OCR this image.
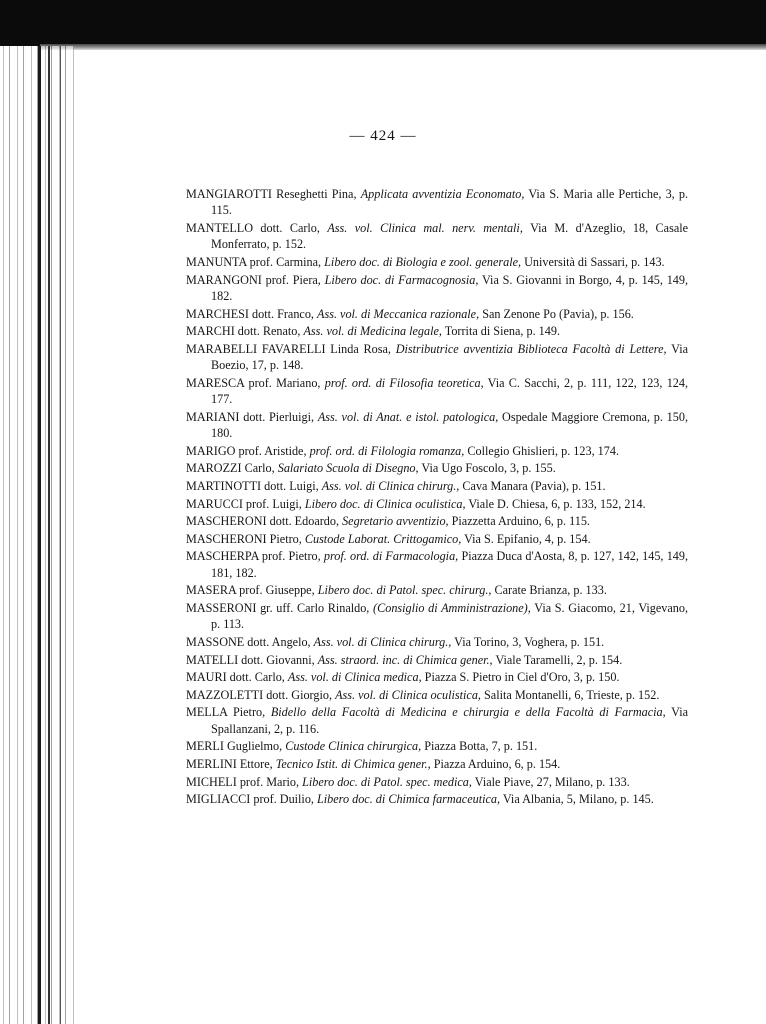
— 424 —
MANGIAROTTI Reseghetti Pina, Applicata avventizia Economato, Via S. Maria alle Pertiche, 3, p. 115.
MANTELLO dott. Carlo, Ass. vol. Clinica mal. nerv. mentali, Via M. d'Azeglio, 18, Casale Monferrato, p. 152.
MANUNTA prof. Carmina, Libero doc. di Biologia e zool. generale, Università di Sassari, p. 143.
MARANGONI prof. Piera, Libero doc. di Farmacognosia, Via S. Giovanni in Borgo, 4, p. 145, 149, 182.
MARCHESI dott. Franco, Ass. vol. di Meccanica razionale, San Zenone Po (Pavia), p. 156.
MARCHI dott. Renato, Ass. vol. di Medicina legale, Torrita di Siena, p. 149.
MARABELLI FAVARELLI Linda Rosa, Distributrice avventizia Biblioteca Facoltà di Lettere, Via Boezio, 17, p. 148.
MARESCA prof. Mariano, prof. ord. di Filosofia teoretica, Via C. Sacchi, 2, p. 111, 122, 123, 124, 177.
MARIANI dott. Pierluigi, Ass. vol. di Anat. e istol. patologica, Ospedale Maggiore Cremona, p. 150, 180.
MARIGO prof. Aristide, prof. ord. di Filologia romanza, Collegio Ghislieri, p. 123, 174.
MAROZZI Carlo, Salariato Scuola di Disegno, Via Ugo Foscolo, 3, p. 155.
MARTINOTTI dott. Luigi, Ass. vol. di Clinica chirurg., Cava Manara (Pavia), p. 151.
MARUCCI prof. Luigi, Libero doc. di Clinica oculistica, Viale D. Chiesa, 6, p. 133, 152, 214.
MASCHERONI dott. Edoardo, Segretario avventizio, Piazzetta Arduino, 6, p. 115.
MASCHERONI Pietro, Custode Laborat. Crittogamico, Via S. Epifanio, 4, p. 154.
MASCHERPA prof. Pietro, prof. ord. di Farmacologia, Piazza Duca d'Aosta, 8, p. 127, 142, 145, 149, 181, 182.
MASERA prof. Giuseppe, Libero doc. di Patol. spec. chirurg., Carate Brianza, p. 133.
MASSERONI gr. uff. Carlo Rinaldo, (Consiglio di Amministrazione), Via S. Giacomo, 21, Vigevano, p. 113.
MASSONE dott. Angelo, Ass. vol. di Clinica chirurg., Via Torino, 3, Voghera, p. 151.
MATELLI dott. Giovanni, Ass. straord. inc. di Chimica gener., Viale Taramelli, 2, p. 154.
MAURI dott. Carlo, Ass. vol. di Clinica medica, Piazza S. Pietro in Ciel d'Oro, 3, p. 150.
MAZZOLETTI dott. Giorgio, Ass. vol. di Clinica oculistica, Salita Montanelli, 6, Trieste, p. 152.
MELLA Pietro, Bidello della Facoltà di Medicina e chirurgia e della Facoltà di Farmacia, Via Spallanzani, 2, p. 116.
MERLI Guglielmo, Custode Clinica chirurgica, Piazza Botta, 7, p. 151.
MERLINI Ettore, Tecnico Istit. di Chimica gener., Piazza Arduino, 6, p. 154.
MICHELI prof. Mario, Libero doc. di Patol. spec. medica, Viale Piave, 27, Milano, p. 133.
MIGLIACCI prof. Duilio, Libero doc. di Chimica farmaceutica, Via Albania, 5, Milano, p. 145.
